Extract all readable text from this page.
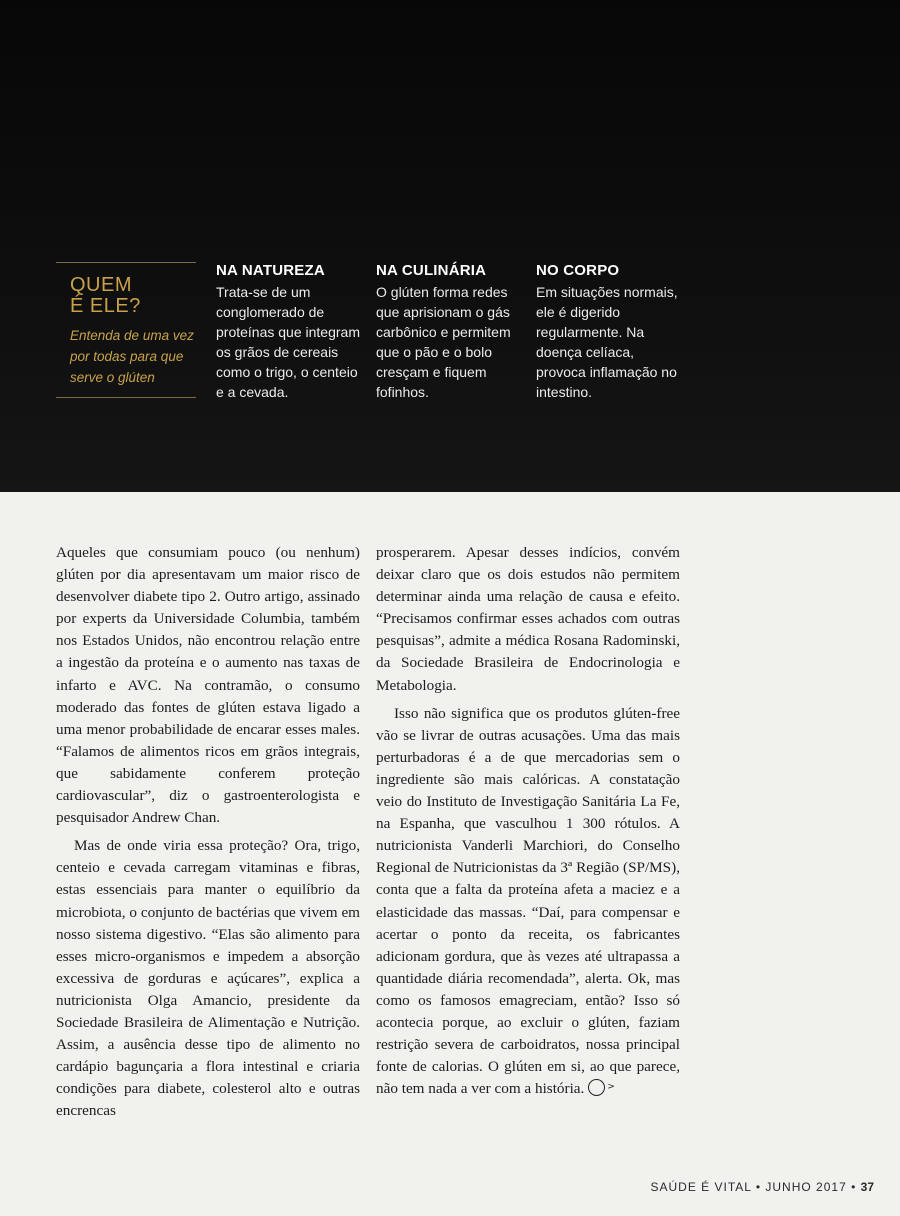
QUEM
É ELE?

Entenda de uma vez por todas para que serve o glúten
NA NATUREZA

Trata-se de um conglomerado de proteínas que integram os grãos de cereais como o trigo, o centeio e a cevada.

NA CULINÁRIA

O glúten forma redes que aprisionam o gás carbônico e permitem que o pão e o bolo cresçam e fiquem fofinhos.

NO CORPO

Em situações normais, ele é digerido regularmente. Na doença celíaca, provoca inflamação no intestino.

Aqueles que consumiam pouco (ou nenhum) glúten por dia apresentavam um maior risco de desenvolver diabete tipo 2. Outro artigo, assinado por experts da Universidade Columbia, também nos Estados Unidos, não encontrou relação entre a ingestão da proteína e o aumento nas taxas de infarto e AVC. Na contramão, o consumo moderado das fontes de glúten estava ligado a uma menor probabilidade de encarar esses males. “Falamos de alimentos ricos em grãos integrais, que sabidamente conferem proteção cardiovascular”, diz o gastroenterologista e pesquisador Andrew Chan.

Mas de onde viria essa proteção? Ora, trigo, centeio e cevada carregam vitaminas e fibras, estas essenciais para manter o equilíbrio da microbiota, o conjunto de bactérias que vivem em nosso sistema digestivo. “Elas são alimento para esses micro-organismos e impedem a absorção excessiva de gorduras e açúcares”, explica a nutricionista Olga Amancio, presidente da Sociedade Brasileira de Alimentação e Nutrição. Assim, a ausência desse tipo de alimento no cardápio bagunçaria a flora intestinal e criaria condições para diabete, colesterol alto e outras encrencas

prosperarem. Apesar desses indícios, convém deixar claro que os dois estudos não permitem determinar ainda uma relação de causa e efeito. “Precisamos confirmar esses achados com outras pesquisas”, admite a médica Rosana Radominski, da Sociedade Brasileira de Endocrinologia e Metabologia.

Isso não significa que os produtos glúten-free vão se livrar de outras acusações. Uma das mais perturbadoras é a de que mercadorias sem o ingrediente são mais calóricas. A constatação veio do Instituto de Investigação Sanitária La Fe, na Espanha, que vasculhou 1 300 rótulos. A nutricionista Vanderli Marchiori, do Conselho Regional de Nutricionistas da 3ª Região (SP/MS), conta que a falta da proteína afeta a maciez e a elasticidade das massas. “Daí, para compensar e acertar o ponto da receita, os fabricantes adicionam gordura, que às vezes até ultrapassa a quantidade diária recomendada”, alerta. Ok, mas como os famosos emagreciam, então? Isso só acontecia porque, ao excluir o glúten, faziam restrição severa de carboidratos, nossa principal fonte de calorias. O glúten em si, ao que parece, não tem nada a ver com a história.	>

SAÚDE É VITAL • JUNHO 2017 • 37
